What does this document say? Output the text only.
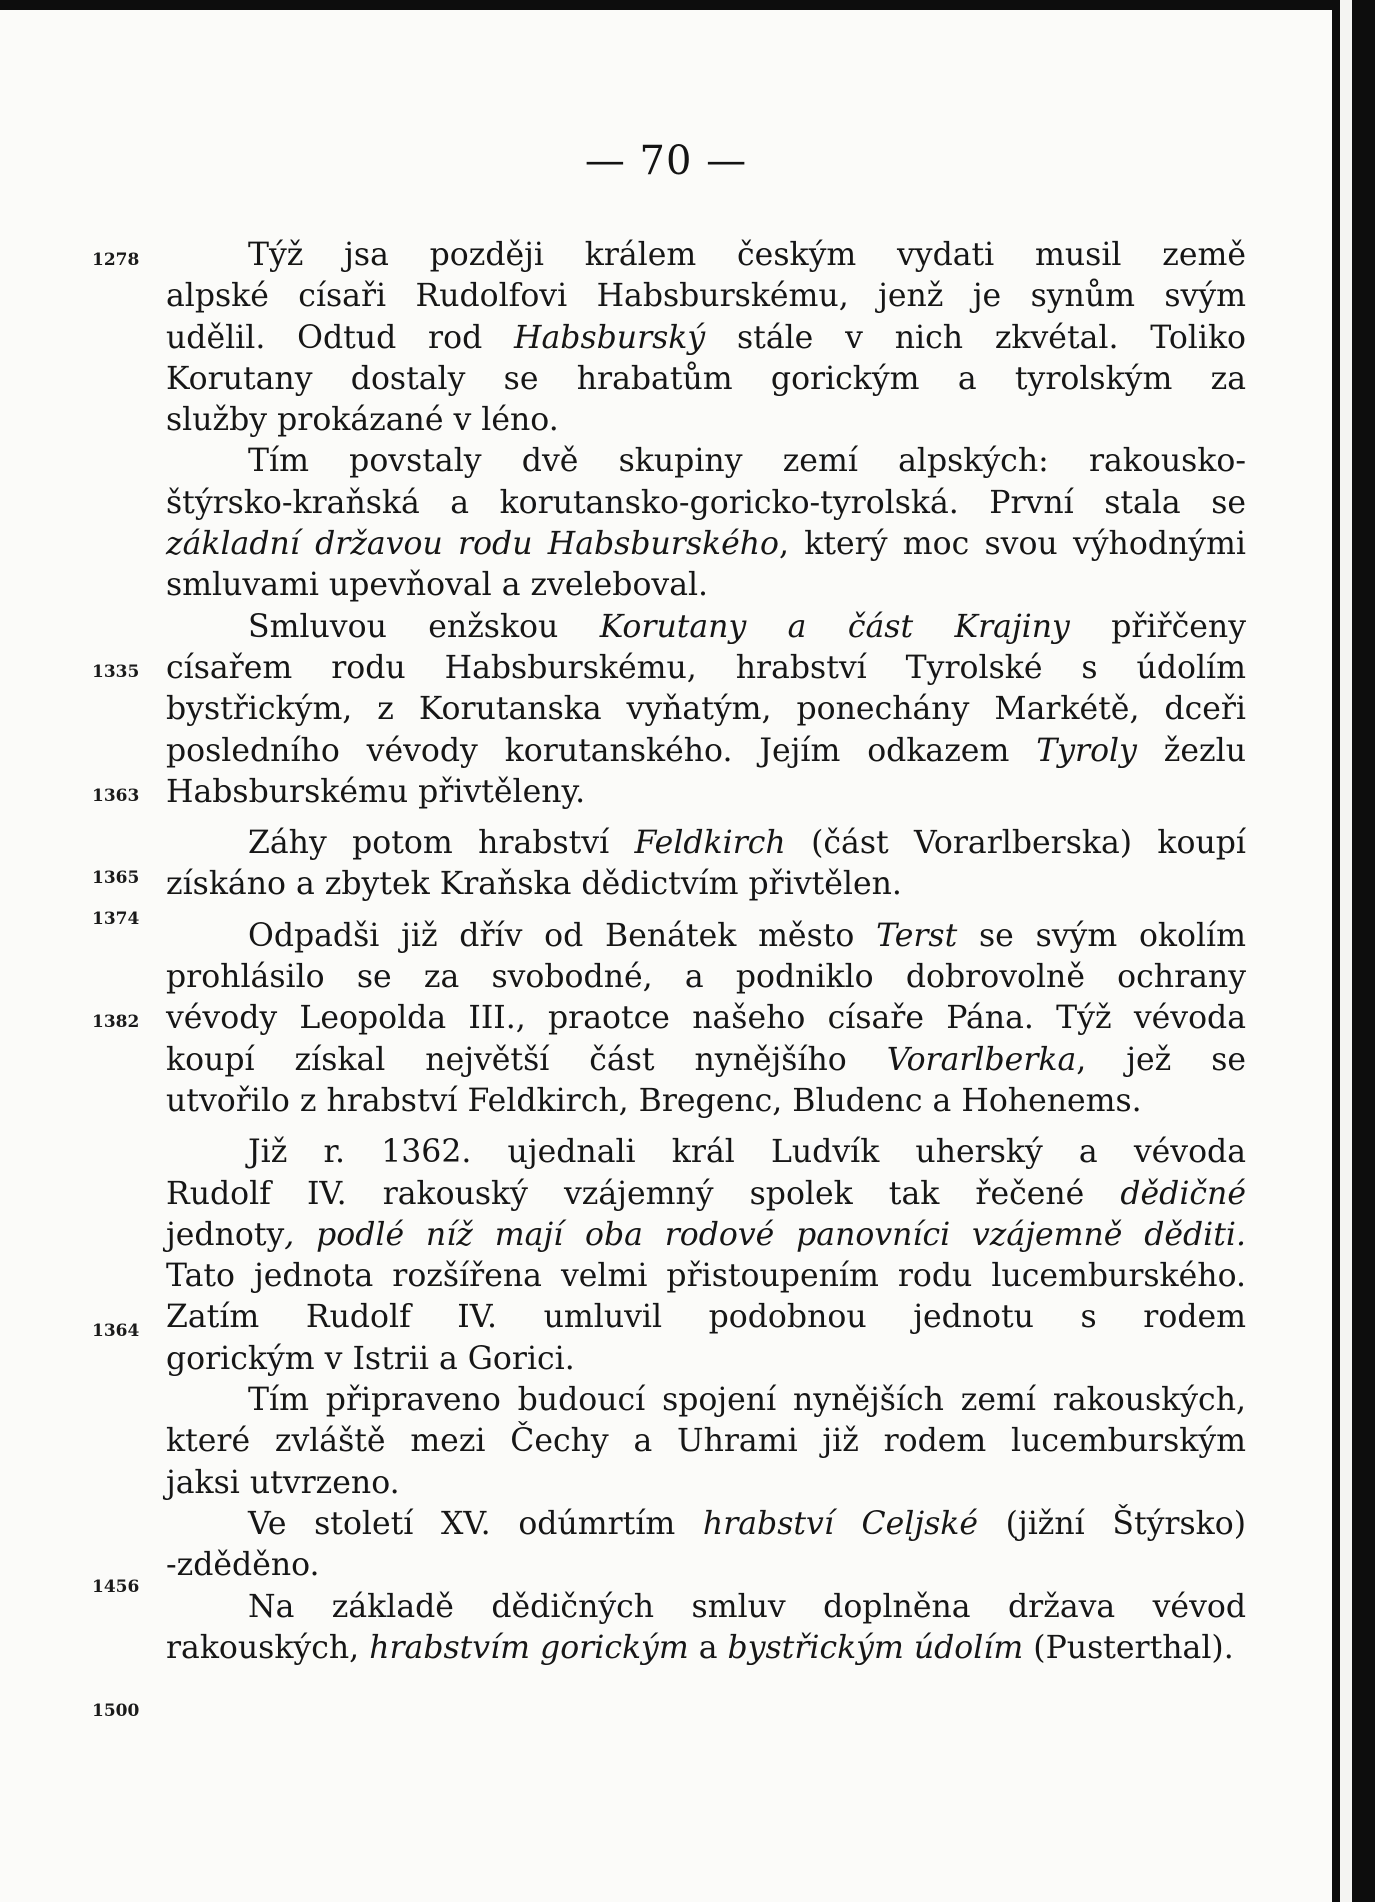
— 70 —
1278
1335
1363
1365
1374
1382
1364
1456
1500
Týž jsa později králem českým vydati musil země
alpské císaři Rudolfovi Habsburskému, jenž je synům svým
udělil. Odtud rod Habsburský stále v nich zkvétal. Toliko
Korutany dostaly se hrabatům gorickým a tyrolským za
služby prokázané v léno.
Tím povstaly dvě skupiny zemí alpských: rakousko-
štýrsko-kraňská a korutansko-goricko-tyrolská. První stala se
základní državou rodu Habsburského, který moc svou výhodnými
smluvami upevňoval a zveleboval.
Smluvou enžskou Korutany a část Krajiny přiřčeny
císařem rodu Habsburskému, hrabství Tyrolské s údolím
bystřickým, z Korutanska vyňatým, ponechány Markétě, dceři
posledního vévody korutanského. Jejím odkazem Tyroly žezlu
Habsburskému přivtěleny.
Záhy potom hrabství Feldkirch (část Vorarlberska) koupí
získáno a zbytek Kraňska dědictvím přivtělen.
Odpadši již dřív od Benátek město Terst se svým okolím
prohlásilo se za svobodné, a podniklo dobrovolně ochrany
vévody Leopolda III., praotce našeho císaře Pána. Týž vévoda
koupí získal největší část nynějšího Vorarlberka, jež se
utvořilo z hrabství Feldkirch, Bregenc, Bludenc a Hohenems.
Již r. 1362. ujednali král Ludvík uherský a vévoda
Rudolf IV. rakouský vzájemný spolek tak řečené dědičné
jednoty, podlé níž mají oba rodové panovníci vzájemně děditi.
Tato jednota rozšířena velmi přistoupením rodu lucemburského.
Zatím Rudolf IV. umluvil podobnou jednotu s rodem
gorickým v Istrii a Gorici.
Tím připraveno budoucí spojení nynějších zemí rakouských,
které zvláště mezi Čechy a Uhrami již rodem lucemburským
jaksi utvrzeno.
Ve století XV. odúmrtím hrabství Celjské (jižní Štýrsko)
-zděděno.
Na základě dědičných smluv doplněna država vévod
rakouských, hrabstvím gorickým a bystřickým údolím (Pusterthal).
